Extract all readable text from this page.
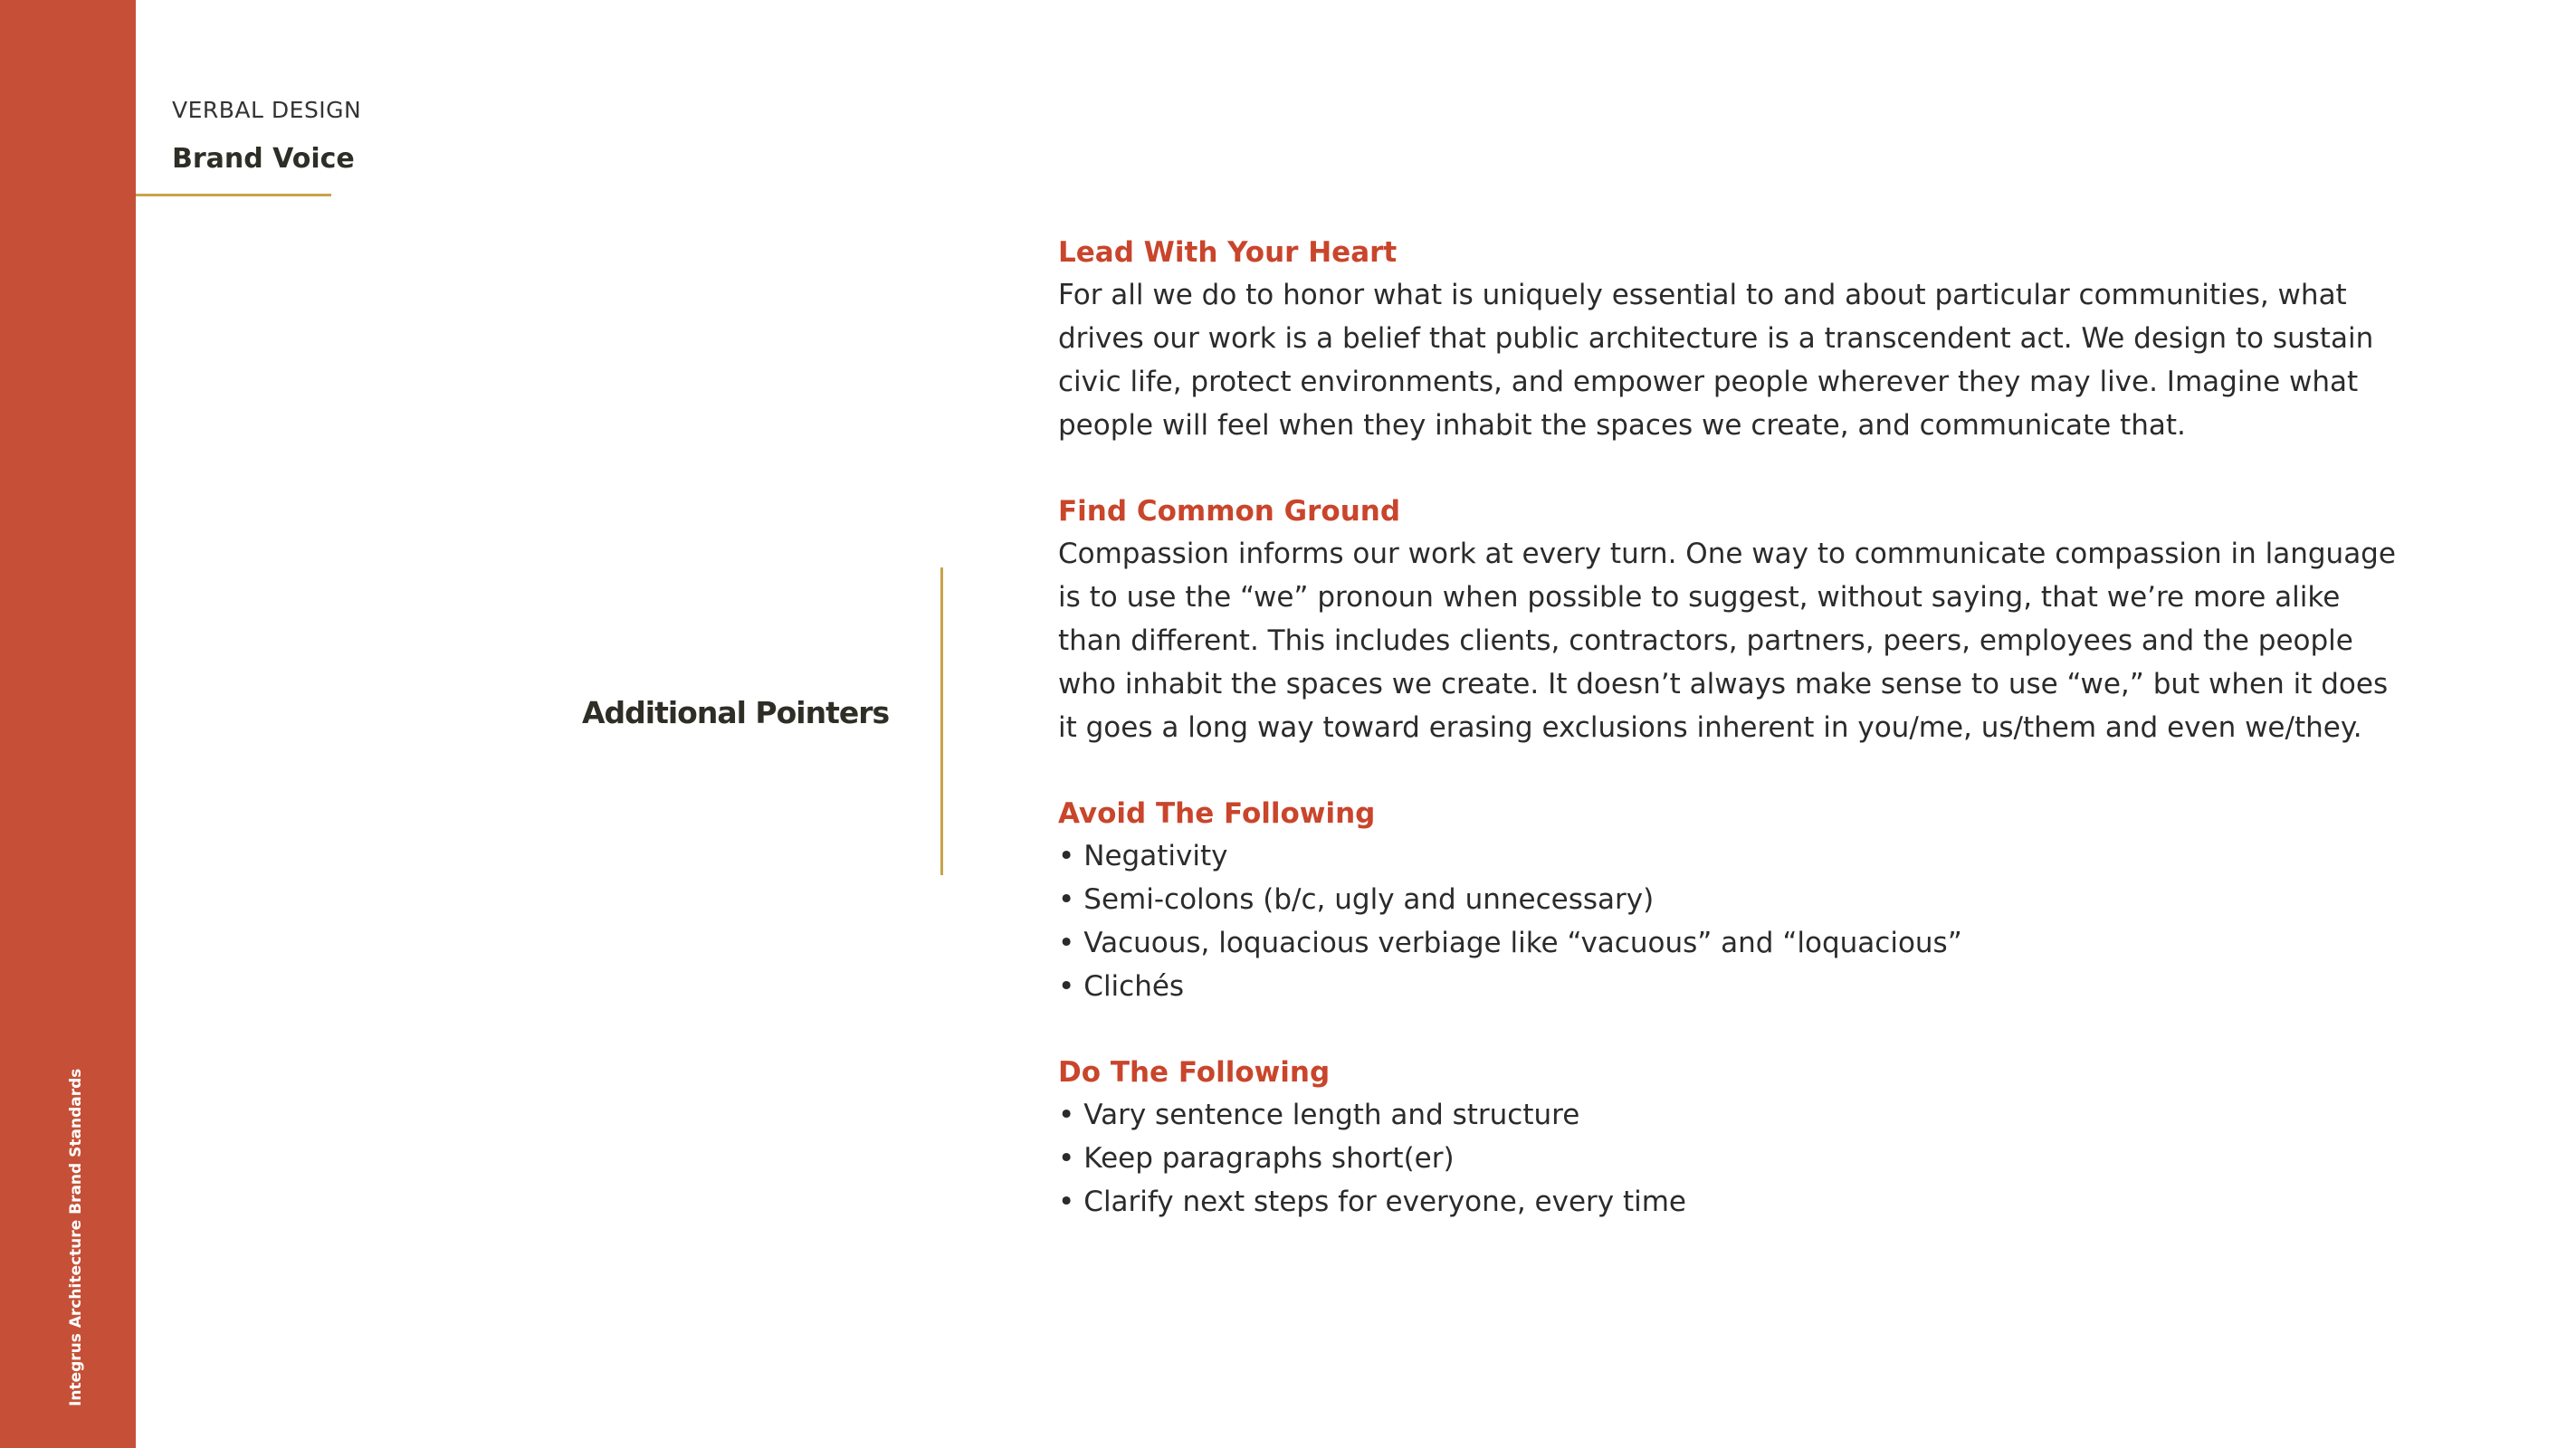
Integrus Architecture Brand Standards
VERBAL DESIGN
Brand Voice
Additional Pointers
Lead With Your Heart
For all we do to honor what is uniquely essential to and about particular communities, what drives our work is a belief that public architecture is a transcendent act. We design to sustain civic life, protect environments, and empower people wherever they may live. Imagine what people will feel when they inhabit the spaces we create, and communicate that.
Find Common Ground
Compassion informs our work at every turn. One way to communicate compassion in language is to use the “we” pronoun when possible to suggest, without saying, that we’re more alike than different. This includes clients, contractors, partners, peers, employees and the people who inhabit the spaces we create. It doesn’t always make sense to use “we,” but when it does it goes a long way toward erasing exclusions inherent in you/me, us/them and even we/they.
Avoid The Following
• Negativity
• Semi-colons (b/c, ugly and unnecessary)
• Vacuous, loquacious verbiage like “vacuous” and “loquacious”
• Clichés
Do The Following
• Vary sentence length and structure
• Keep paragraphs short(er)
• Clarify next steps for everyone, every time
